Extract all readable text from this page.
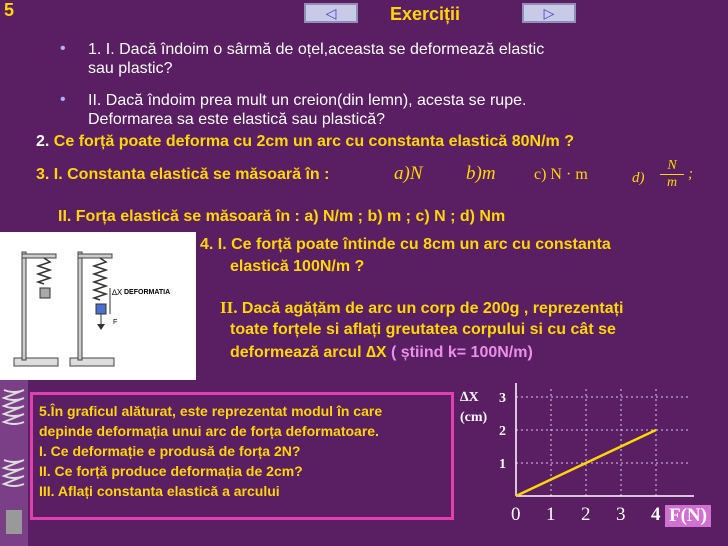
5	◁	Exerciții	▷
• 1. I. Dacă îndoim o sârmă de oțel,aceasta se deformează elastic
sau plastic?
• II. Dacă îndoim prea mult un creion(din lemn), acesta se rupe.
Deformarea sa este elastică sau plastică?
2. Ce forță poate deforma cu 2cm un arc cu constanta elastică 80N/m ?
3. I. Constanta elastică se măsoară în :	a)N b)m c) N · m	d)
N
m
;
II. Forța elastică se măsoară în : a) N/m ; b) m ; c) N ; d) Nm
∆X DEFORMATIA
F
4. I. Ce forță poate întinde cu 8cm un arc cu constanta
elastică 100N/m ?
II. Dacă agățăm de arc un corp de 200g , reprezentați
toate forțele si aflați greutatea corpului si cu cât se
deformează arcul ∆X ( știind k= 100N/m)
5.În graficul alăturat, este reprezentat modul în care
depinde deformația unui arc de forța deformatoare.
I. Ce deformație e produsă de forța 2N?
II. Ce forță produce deformația de 2cm?
III. Aflați constanta elastică a arcului
∆X
(cm)
0 1 2 3 4
1
2
3
F(N)
